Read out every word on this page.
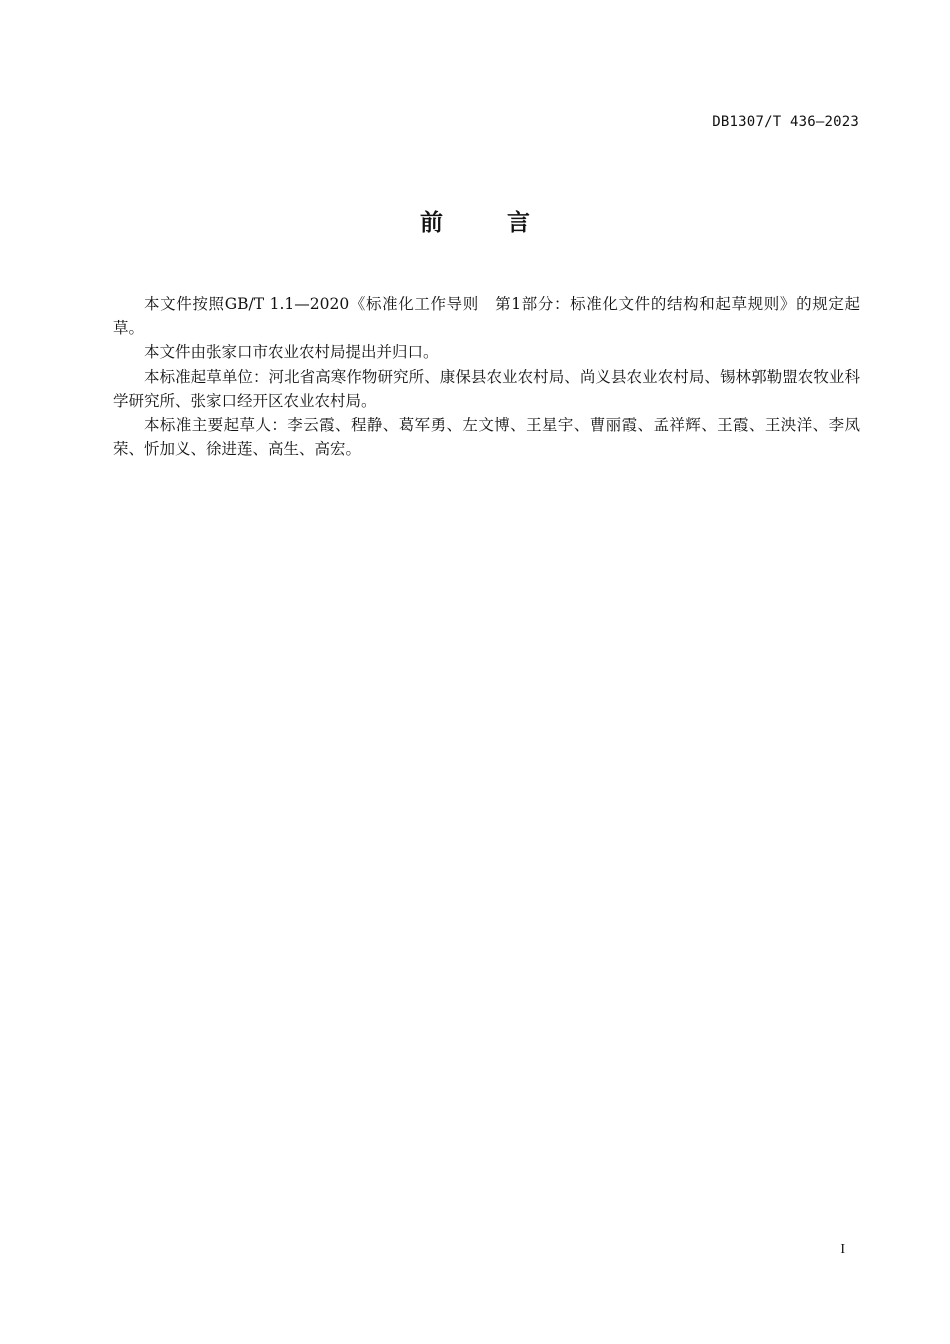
DB1307/T 436—2023
前言

本文件按照GB/T 1.1—2020《标准化工作导则　第1部分：标准化文件的结构和起草规则》的规定起草。

本文件由张家口市农业农村局提出并归口。

本标准起草单位：河北省高寒作物研究所、康保县农业农村局、尚义县农业农村局、锡林郭勒盟农牧业科学研究所、张家口经开区农业农村局。

本标准主要起草人：李云霞、程静、葛军勇、左文博、王星宇、曹丽霞、孟祥辉、王霞、王泱洋、李凤荣、忻加义、徐进莲、高生、高宏。

I
